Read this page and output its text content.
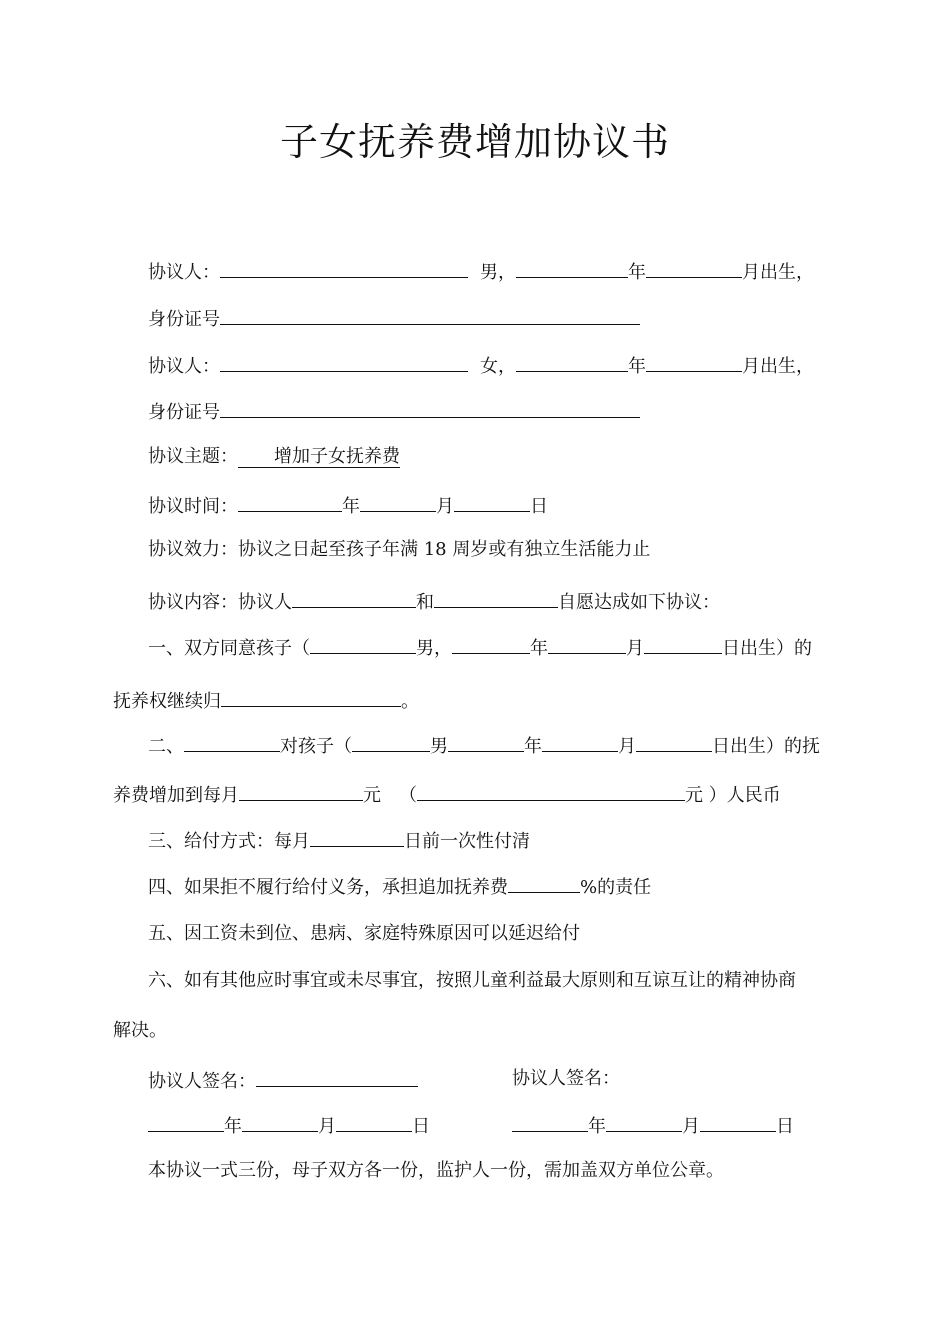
子女抚养费增加协议书
协议人：	男，	年	月出生，
身份证号
协议人：	女，	年	月出生，
身份证号
协议主题： 增加子女抚养费
协议时间：	年	月	日
协议效力：协议之日起至孩子年满 18 周岁或有独立生活能力止
协议内容：协议人	和	自愿达成如下协议：
一、双方同意孩子（	男，	年	月	日出生）的
抚养权继续归	。
二、	对孩子（	男	年	月	日出生）的抚
养费增加到每月	元 （	元 ）人民币
三、给付方式：每月	日前一次性付清
四、如果拒不履行给付义务，承担追加抚养费	%的责任
五、因工资未到位、患病、家庭特殊原因可以延迟给付
六、如有其他应时事宜或未尽事宜，按照儿童利益最大原则和互谅互让的精神协商
解决。
协议人签名：	协议人签名：
年	月	日	年	月	日
本协议一式三份，母子双方各一份，监护人一份，需加盖双方单位公章。
